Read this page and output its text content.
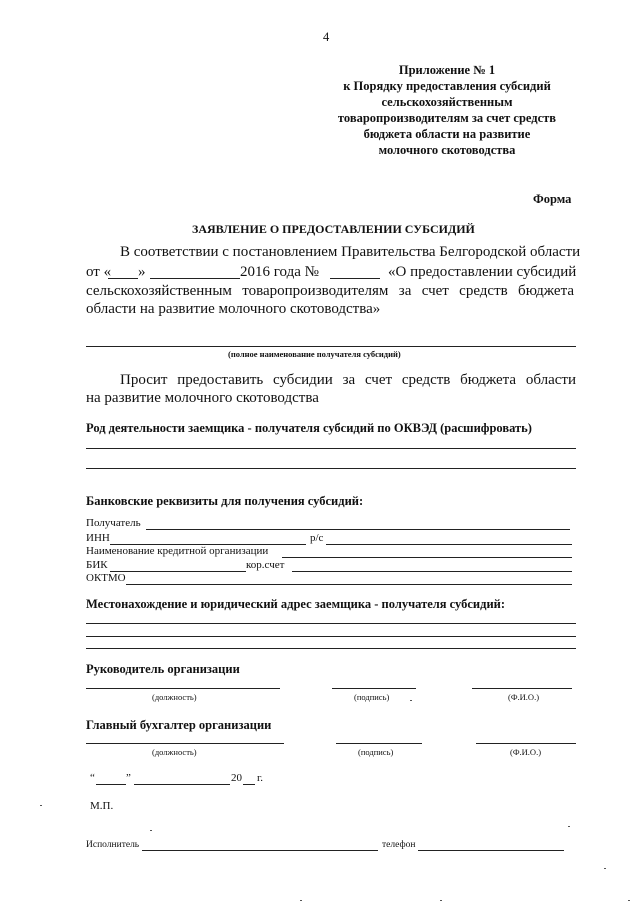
4
Приложение № 1
к Порядку предоставления субсидий
сельскохозяйственным
товаропроизводителям за счет средств
бюджета области на развитие
молочного скотоводства
Форма
ЗАЯВЛЕНИЕ О ПРЕДОСТАВЛЕНИИ СУБСИДИЙ
В соответствии с постановлением Правительства Белгородской области
от « »	2016 года №	«О предоставлении субсидий
сельскохозяйственным товаропроизводителям за счет средств бюджета
области на развитие молочного скотоводства»
(полное наименование получателя субсидий)
Просит предоставить субсидии за счет средств бюджета области
на развитие молочного скотоводства
Род деятельности заемщика - получателя субсидий по ОКВЭД (расшифровать)
Банковские реквизиты для получения субсидий:
Получатель
ИНН	р/с
Наименование кредитной организации
БИК	кор.счет
ОКТМО
Местонахождение и юридический адрес заемщика - получателя субсидий:
Руководитель организации
(должность)	(подпись)	(Ф.И.О.)
Главный бухгалтер организации
(должность)	(подпись)	(Ф.И.О.)
“	”	20 г.
М.П.
Исполнитель	телефон
